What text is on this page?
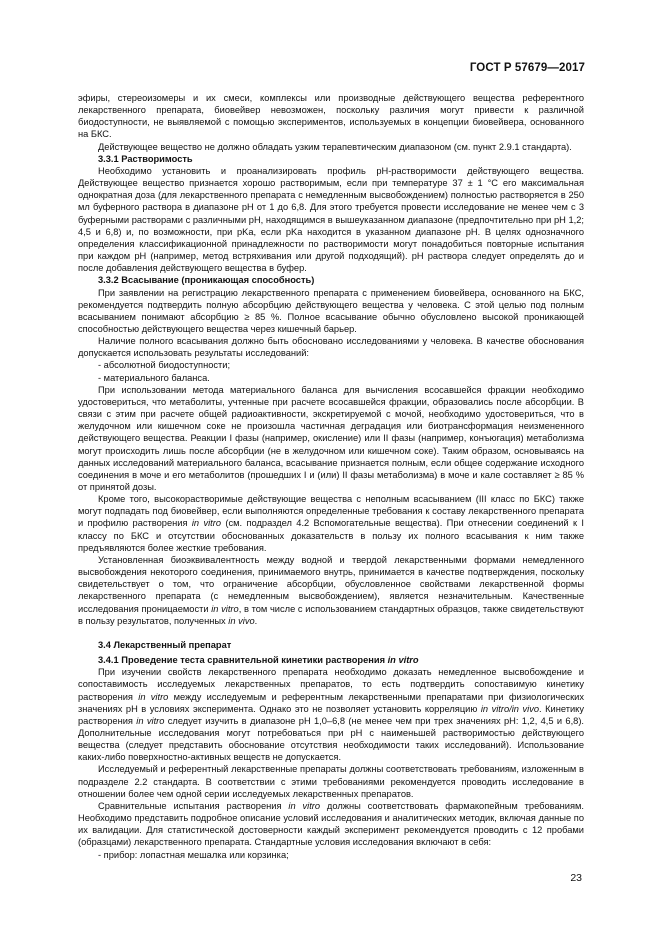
ГОСТ Р 57679—2017

эфиры, стереоизомеры и их смеси, комплексы или производные действующего вещества референтного лекарственного препарата, биовейвер невозможен, поскольку различия могут привести к различной биодоступности, не выявляемой с помощью экспериментов, используемых в концепции биовейвера, основанного на БКС.

Действующее вещество не должно обладать узким терапевтическим диапазоном (см. пункт 2.9.1 стандарта).

3.3.1 Растворимость

Необходимо установить и проанализировать профиль pH-растворимости действующего вещества. Действующее вещество признается хорошо растворимым, если при температуре 37 ± 1 °С его максимальная однократная доза (для лекарственного препарата с немедленным высвобождением) полностью растворяется в 250 мл буферного раствора в диапазоне pH от 1 до 6,8. Для этого требуется провести исследование не менее чем с 3 буферными растворами с различными pH, находящимся в вышеуказанном диапазоне (предпочтительно при pH 1,2; 4,5 и 6,8) и, по возможности, при pKa, если pKa находится в указанном диапазоне pH. В целях однозначного определения классификационной принадлежности по растворимости могут понадобиться повторные испытания при каждом pH (например, метод встряхивания или другой подходящий). pH раствора следует определять до и после добавления действующего вещества в буфер.

3.3.2 Всасывание (проникающая способность)

При заявлении на регистрацию лекарственного препарата с применением биовейвера, основанного на БКС, рекомендуется подтвердить полную абсорбцию действующего вещества у человека. С этой целью под полным всасыванием понимают абсорбцию ≥ 85 %. Полное всасывание обычно обусловлено высокой проникающей способностью действующего вещества через кишечный барьер.

Наличие полного всасывания должно быть обосновано исследованиями у человека. В качестве обоснования допускается использовать результаты исследований:

- абсолютной биодоступности;

- материального баланса.

При использовании метода материального баланса для вычисления всосавшейся фракции необходимо удостовериться, что метаболиты, учтенные при расчете всосавшейся фракции, образовались после абсорбции. В связи с этим при расчете общей радиоактивности, экскретируемой с мочой, необходимо удостовериться, что в желудочном или кишечном соке не произошла частичная деградация или биотрансформация неизмененного действующего вещества. Реакции I фазы (например, окисление) или II фазы (например, конъюгация) метаболизма могут происходить лишь после абсорбции (не в желудочном или кишечном соке). Таким образом, основываясь на данных исследований материального баланса, всасывание признается полным, если общее содержание исходного соединения в моче и его метаболитов (прошедших I и (или) II фазы метаболизма) в моче и кале составляет ≥ 85 % от принятой дозы.

Кроме того, высокорастворимые действующие вещества с неполным всасыванием (III класс по БКС) также могут подпадать под биовейвер, если выполняются определенные требования к составу лекарственного препарата и профилю растворения in vitro (см. подраздел 4.2 Вспомогательные вещества). При отнесении соединений к I классу по БКС и отсутствии обоснованных доказательств в пользу их полного всасывания к ним также предъявляются более жесткие требования.

Установленная биоэквивалентность между водной и твердой лекарственными формами немедленного высвобождения некоторого соединения, принимаемого внутрь, принимается в качестве подтверждения, поскольку свидетельствует о том, что ограничение абсорбции, обусловленное свойствами лекарственной формы лекарственного препарата (с немедленным высвобождением), является незначительным. Качественные исследования проницаемости in vitro, в том числе с использованием стандартных образцов, также свидетельствуют в пользу результатов, полученных in vivo.

3.4 Лекарственный препарат

3.4.1 Проведение теста сравнительной кинетики растворения in vitro

При изучении свойств лекарственного препарата необходимо доказать немедленное высвобождение и сопоставимость исследуемых лекарственных препаратов, то есть подтвердить сопоставимую кинетику растворения in vitro между исследуемым и референтным лекарственными препаратами при физиологических значениях pH в условиях эксперимента. Однако это не позволяет установить корреляцию in vitro/in vivo. Кинетику растворения in vitro следует изучить в диапазоне pH 1,0–6,8 (не менее чем при трех значениях pH: 1,2, 4,5 и 6,8). Дополнительные исследования могут потребоваться при pH с наименьшей растворимостью действующего вещества (следует представить обоснование отсутствия необходимости таких исследований). Использование каких-либо поверхностно-активных веществ не допускается.

Исследуемый и референтный лекарственные препараты должны соответствовать требованиям, изложенным в подразделе 2.2 стандарта. В соответствии с этими требованиями рекомендуется проводить исследование в отношении более чем одной серии исследуемых лекарственных препаратов.

Сравнительные испытания растворения in vitro должны соответствовать фармакопейным требованиям. Необходимо представить подробное описание условий исследования и аналитических методик, включая данные по их валидации. Для статистической достоверности каждый эксперимент рекомендуется проводить с 12 пробами (образцами) лекарственного препарата. Стандартные условия исследования включают в себя:

- прибор: лопастная мешалка или корзинка;

23
